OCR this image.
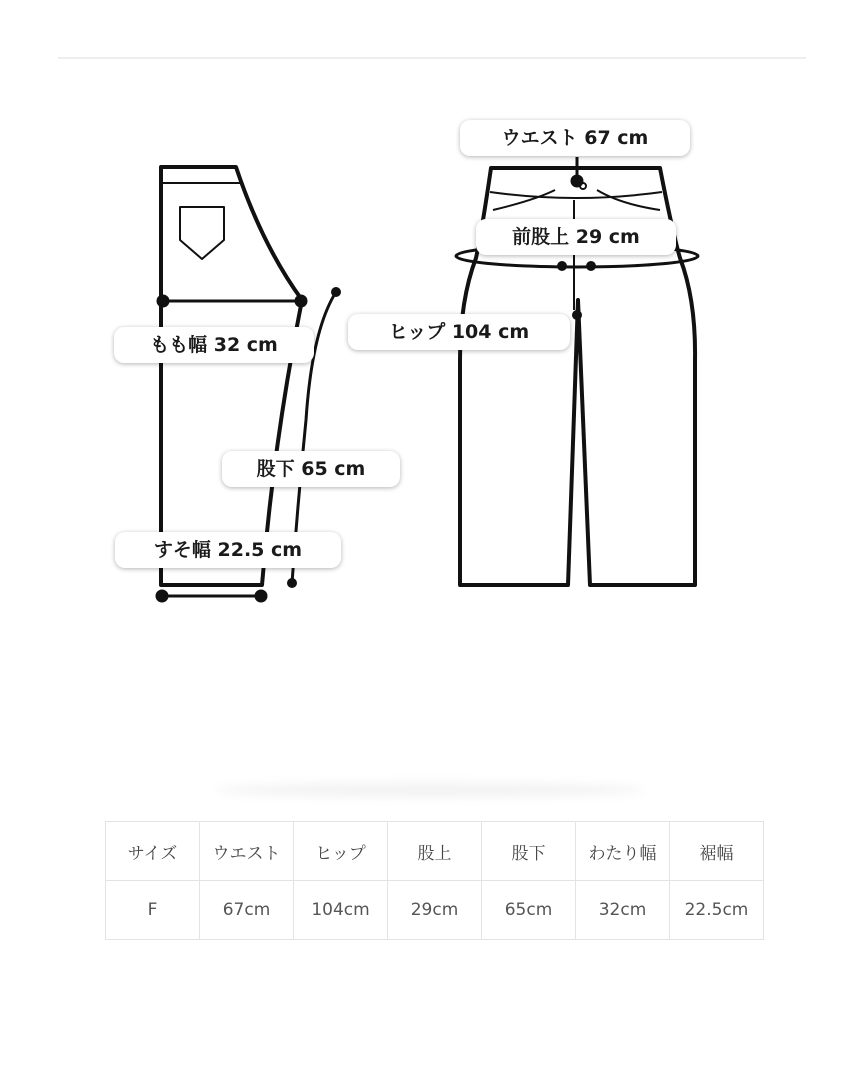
ウエスト 67 cm
前股上 29 cm
ヒップ 104 cm
もも幅 32 cm
股下 65 cm
すそ幅 22.5 cm
サイズ	ウエスト	ヒップ	股上	股下	わたり幅	裾幅
F	67cm	104cm	29cm	65cm	32cm	22.5cm
